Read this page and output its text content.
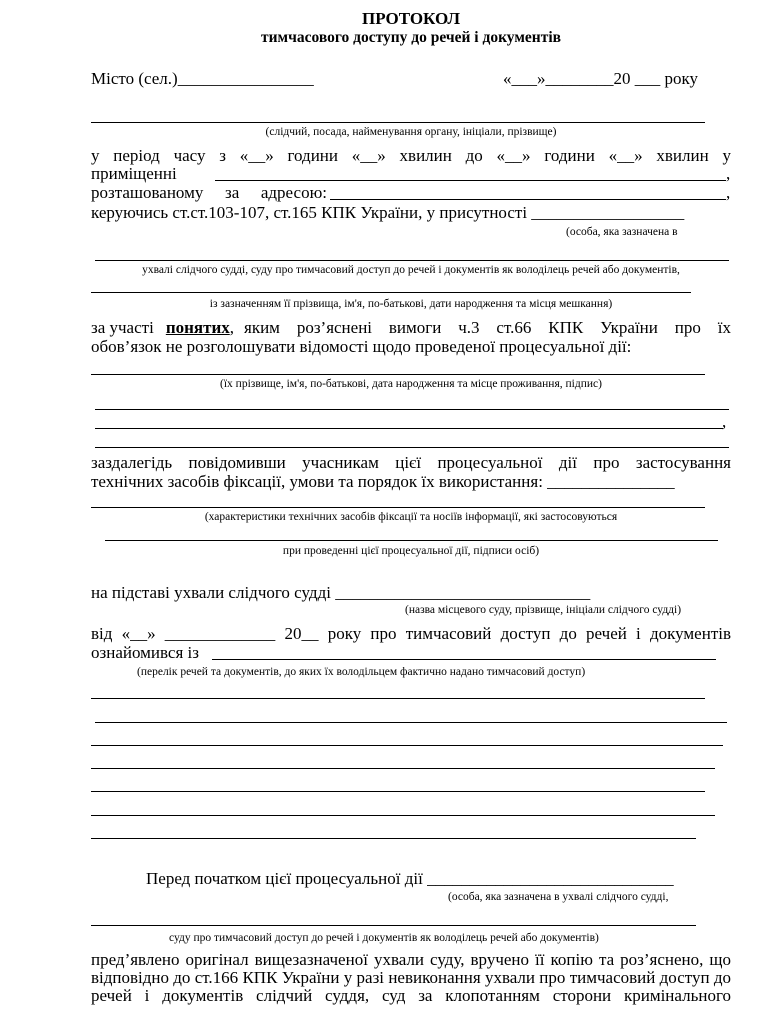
ПРОТОКОЛ
тимчасового доступу до речей і документів
Місто (сел.)________________	«___»________20 ___ року
(слідчий, посада, найменування органу, ініціали, прізвище)
у період часу з «__» години «__» хвилин до «__» години «__» хвилин у
приміщенні	,
розташованому за адресою:	,
керуючись ст.ст.103-107, ст.165 КПК України, у присутності __________________
(особа, яка зазначена в
ухвалі слідчого судді, суду про тимчасовий доступ до речей і документів як володілець речей або документів,
із зазначенням її прізвища, ім'я, по-батькові, дати народження та місця мешкання)
за участі понятих , яким роз’яснені вимоги ч.3 ст.66 КПК України про їх
обов’язок не розголошувати відомості щодо проведеної процесуальної дії:
(їх прізвище, ім'я, по-батькові, дата народження та місце проживання, підпис)
,
заздалегідь повідомивши учасникам цієї процесуальної дії про застосування
технічних засобів фіксації, умови та порядок їх використання: _______________
(характеристики технічних засобів фіксації та носіїв інформації, які застосовуються
при проведенні цієї процесуальної дії, підписи осіб)
на підставі ухвали слідчого судді ______________________________
(назва місцевого суду, прізвище, ініціали слідчого судді)
від «__» _____________ 20__ року про тимчасовий доступ до речей і документів
ознайомився із
(перелік речей та документів, до яких їх володільцем фактично надано тимчасовий доступ)
Перед початком цієї процесуальної дії _____________________________
(особа, яка зазначена в ухвалі слідчого судді,
суду про тимчасовий доступ до речей і документів як володілець речей або документів)
пред’явлено оригінал вищезазначеної ухвали суду, вручено її копію та роз’яснено, що
відповідно до ст.166 КПК України у разі невиконання ухвали про тимчасовий доступ до
речей і документів слідчий суддя, суд за клопотанням сторони кримінального
